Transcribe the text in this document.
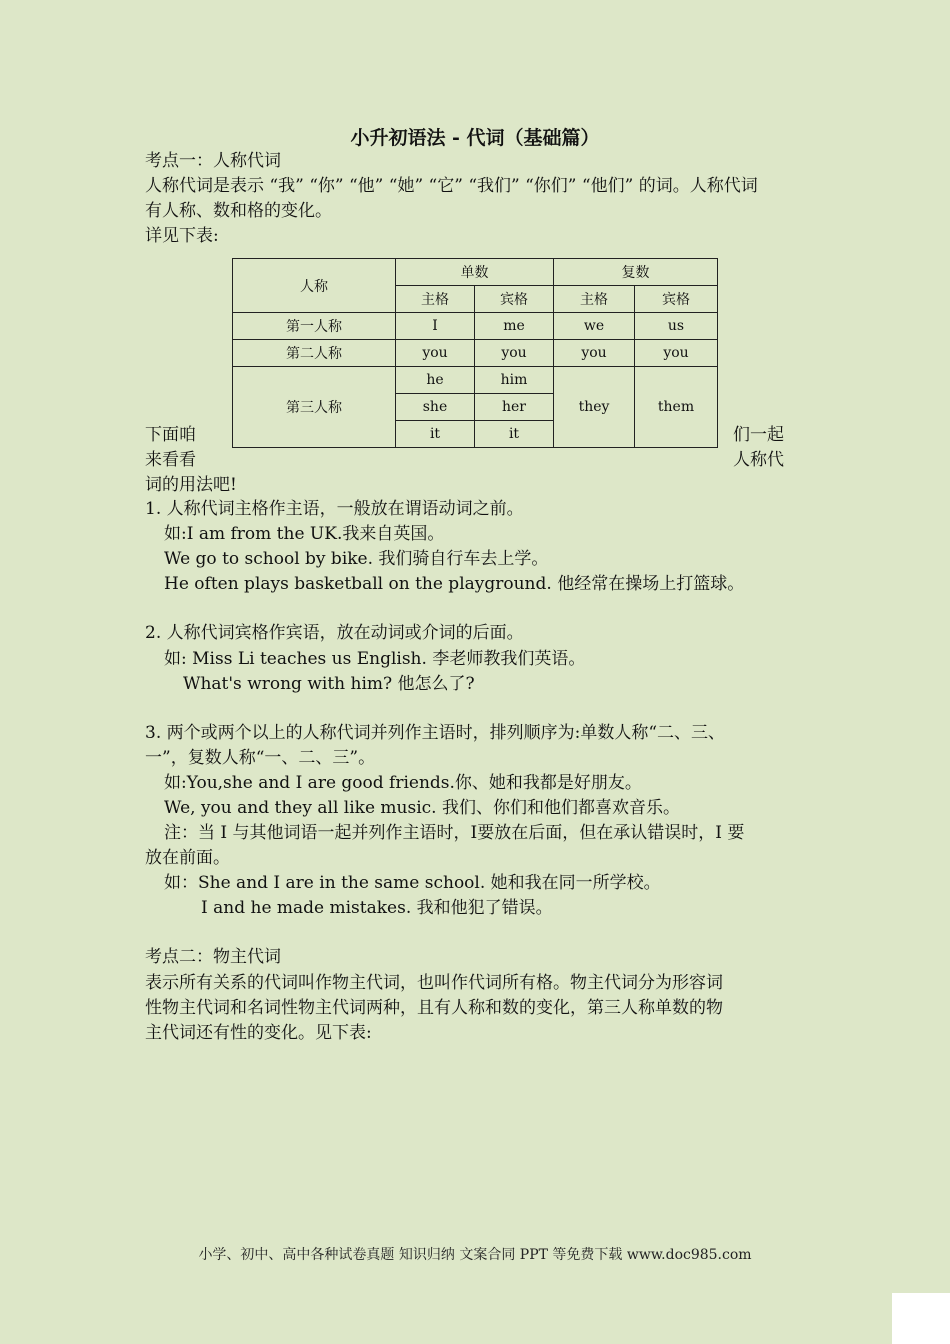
小升初语法 - 代词（基础篇）
考点一：人称代词
人称代词是表示 “我” “你” “他” “她” “它” “我们” “你们” “他们” 的词。人称代词
有人称、数和格的变化。
详见下表:
人称	单数		复数	
	主格	宾格	主格	宾格
第一人称	I	me	we	us
第二人称	you	you	you	you
第三人称	he	him	they	them
	she	her		
	it	it		
下面咱
来看看
们一起
人称代
词的用法吧!
1. 人称代词主格作主语，一般放在谓语动词之前。
如:I am from the UK.我来自英国。
We go to school by bike. 我们骑自行车去上学。
He often plays basketball on the playground. 他经常在操场上打篮球。
2. 人称代词宾格作宾语，放在动词或介词的后面。
如: Miss Li teaches us English. 李老师教我们英语。
What's wrong with him? 他怎么了?
3. 两个或两个以上的人称代词并列作主语时，排列顺序为:单数人称“二、三、
一”，复数人称“一、二、三”。
如:You,she and I are good friends.你、她和我都是好朋友。
We, you and they all like music. 我们、你们和他们都喜欢音乐。
注：当 I 与其他词语一起并列作主语时，I要放在后面，但在承认错误时，I 要
放在前面。
如：She and I are in the same school. 她和我在同一所学校。
I and he made mistakes. 我和他犯了错误。
考点二：物主代词
表示所有关系的代词叫作物主代词，也叫作代词所有格。物主代词分为形容词
性物主代词和名词性物主代词两种，且有人称和数的变化，第三人称单数的物
主代词还有性的变化。见下表:
小学、初中、高中各种试卷真题 知识归纳 文案合同 PPT 等免费下载 www.doc985.com
